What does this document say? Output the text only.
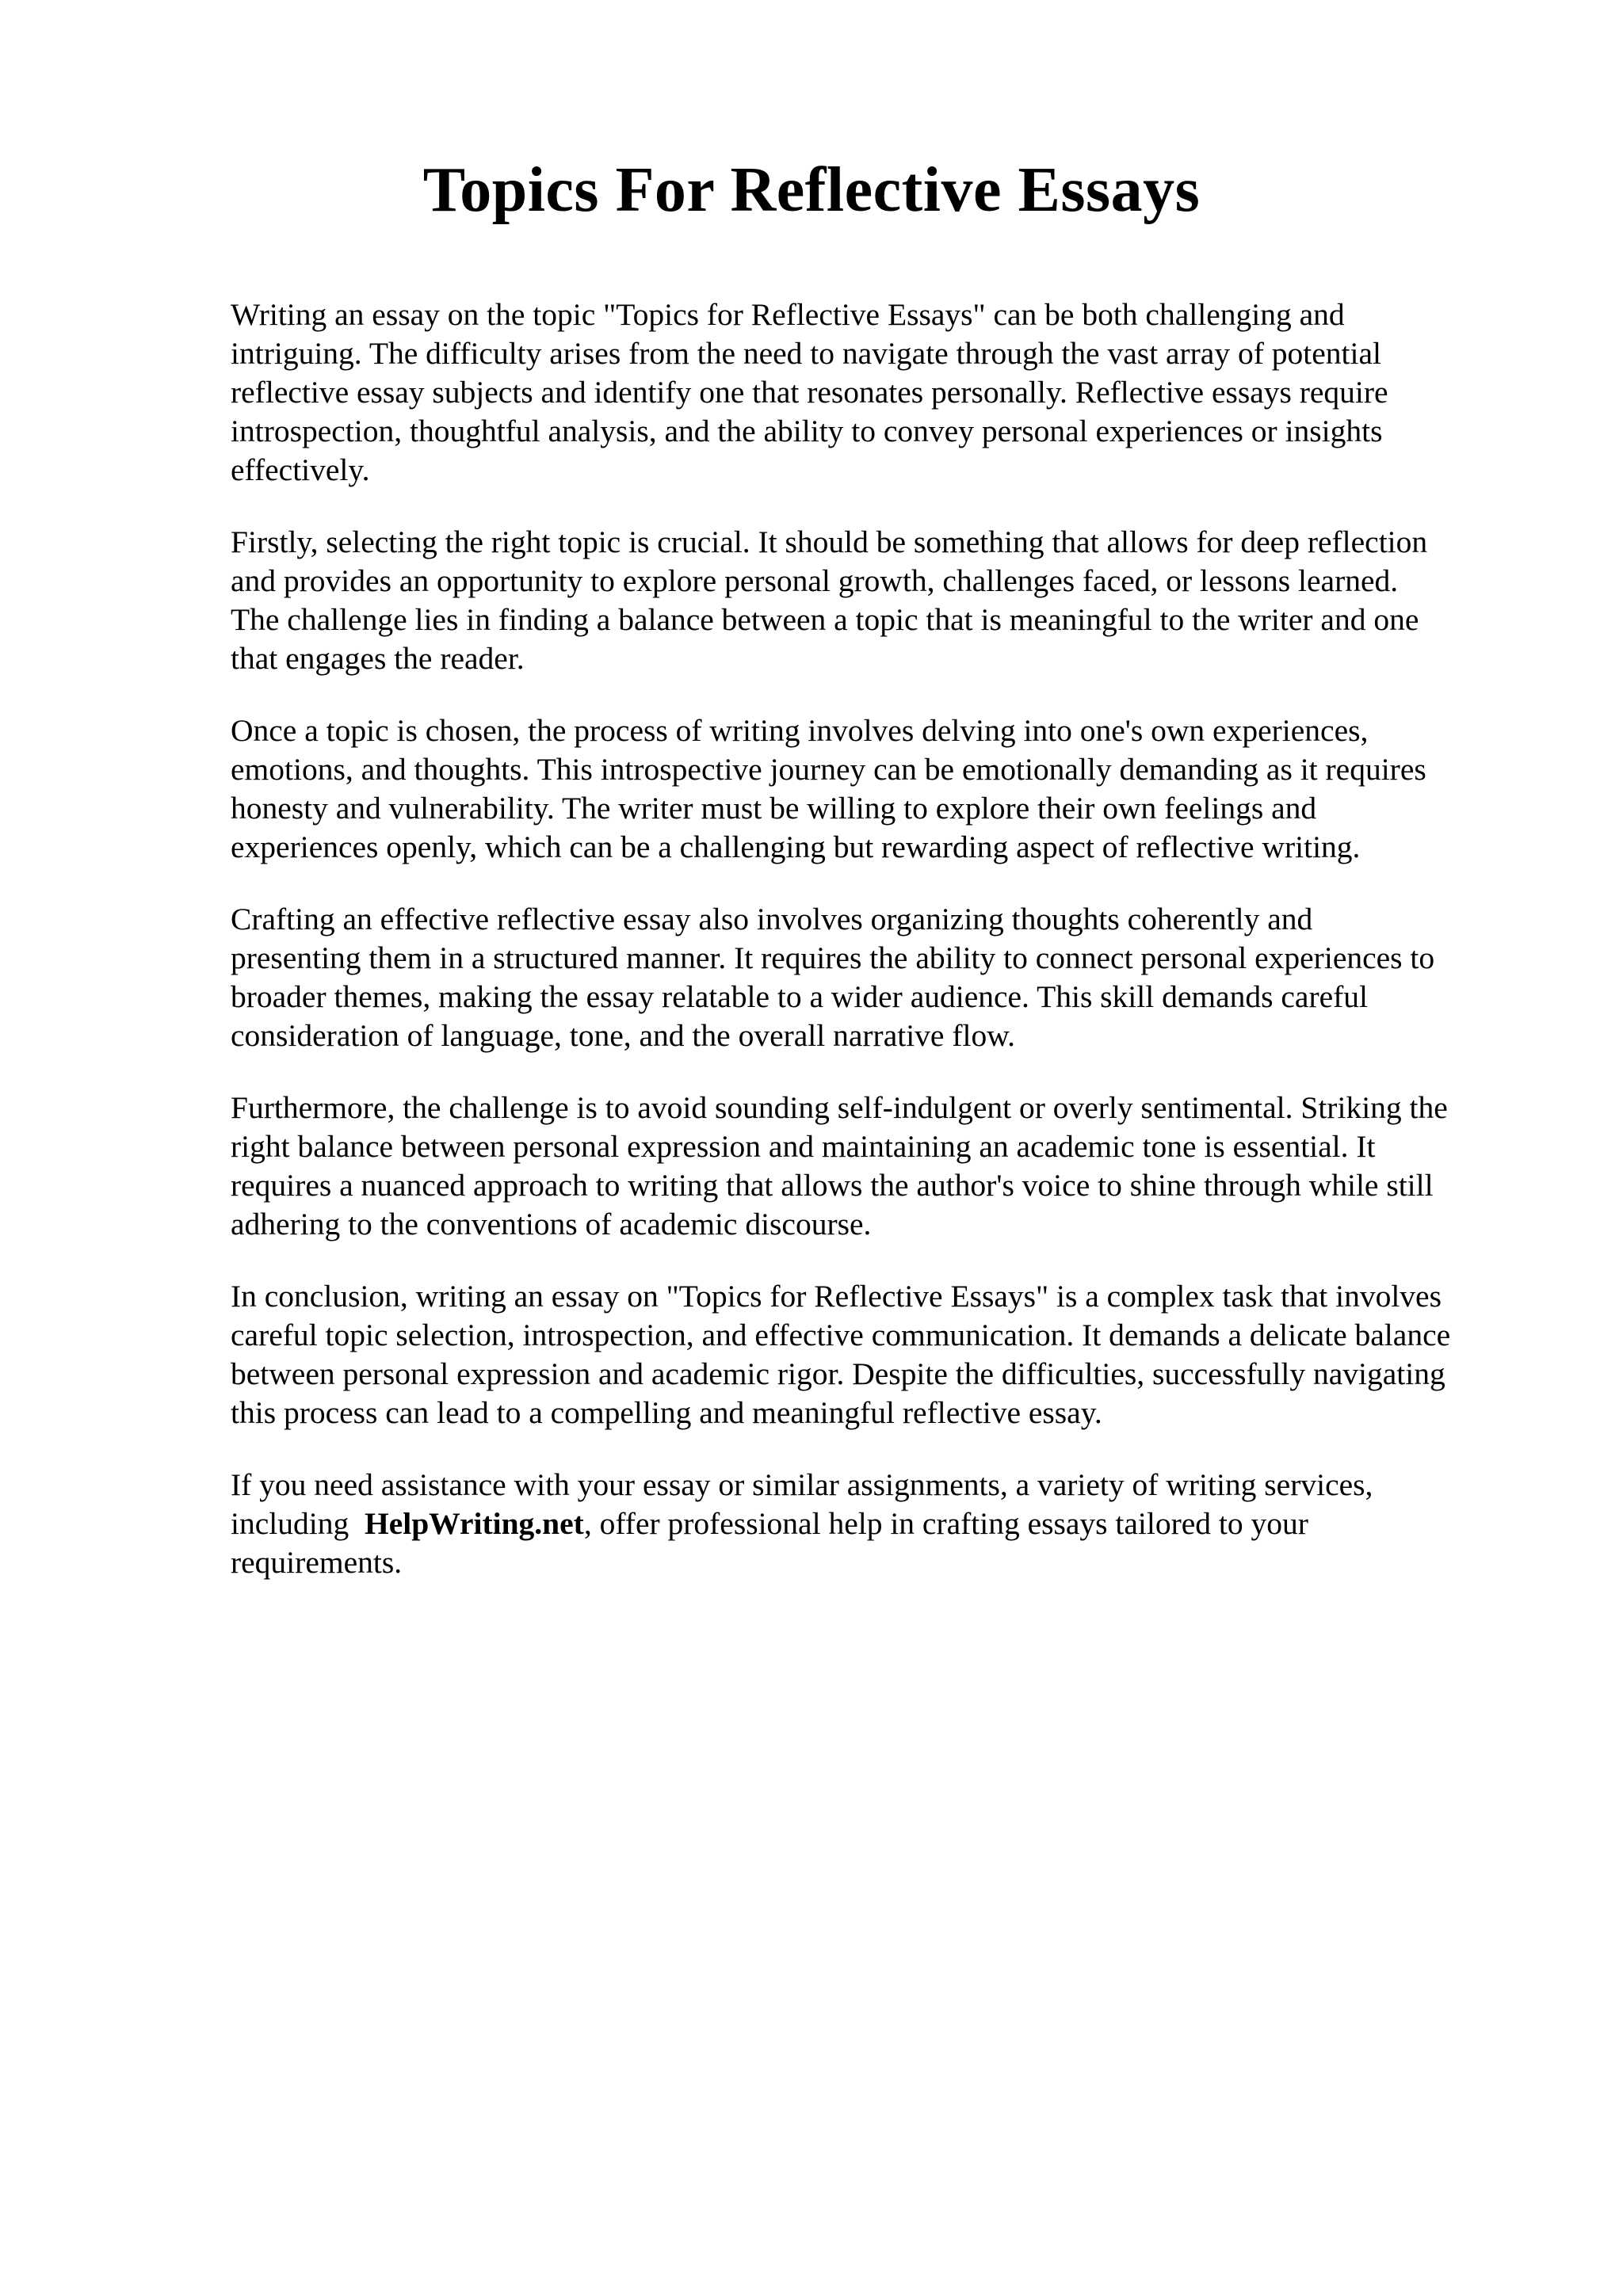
Topics For Reflective Essays

Writing an essay on the topic "Topics for Reflective Essays" can be both challenging and
intriguing. The difficulty arises from the need to navigate through the vast array of potential
reflective essay subjects and identify one that resonates personally. Reflective essays require
introspection, thoughtful analysis, and the ability to convey personal experiences or insights
effectively.

Firstly, selecting the right topic is crucial. It should be something that allows for deep reflection
and provides an opportunity to explore personal growth, challenges faced, or lessons learned.
The challenge lies in finding a balance between a topic that is meaningful to the writer and one
that engages the reader.

Once a topic is chosen, the process of writing involves delving into one's own experiences,
emotions, and thoughts. This introspective journey can be emotionally demanding as it requires
honesty and vulnerability. The writer must be willing to explore their own feelings and
experiences openly, which can be a challenging but rewarding aspect of reflective writing.

Crafting an effective reflective essay also involves organizing thoughts coherently and
presenting them in a structured manner. It requires the ability to connect personal experiences to
broader themes, making the essay relatable to a wider audience. This skill demands careful
consideration of language, tone, and the overall narrative flow.

Furthermore, the challenge is to avoid sounding self-indulgent or overly sentimental. Striking the
right balance between personal expression and maintaining an academic tone is essential. It
requires a nuanced approach to writing that allows the author's voice to shine through while still
adhering to the conventions of academic discourse.

In conclusion, writing an essay on "Topics for Reflective Essays" is a complex task that involves
careful topic selection, introspection, and effective communication. It demands a delicate balance
between personal expression and academic rigor. Despite the difficulties, successfully navigating
this process can lead to a compelling and meaningful reflective essay.

If you need assistance with your essay or similar assignments, a variety of writing services,
including HelpWriting.net, offer professional help in crafting essays tailored to your
requirements.
